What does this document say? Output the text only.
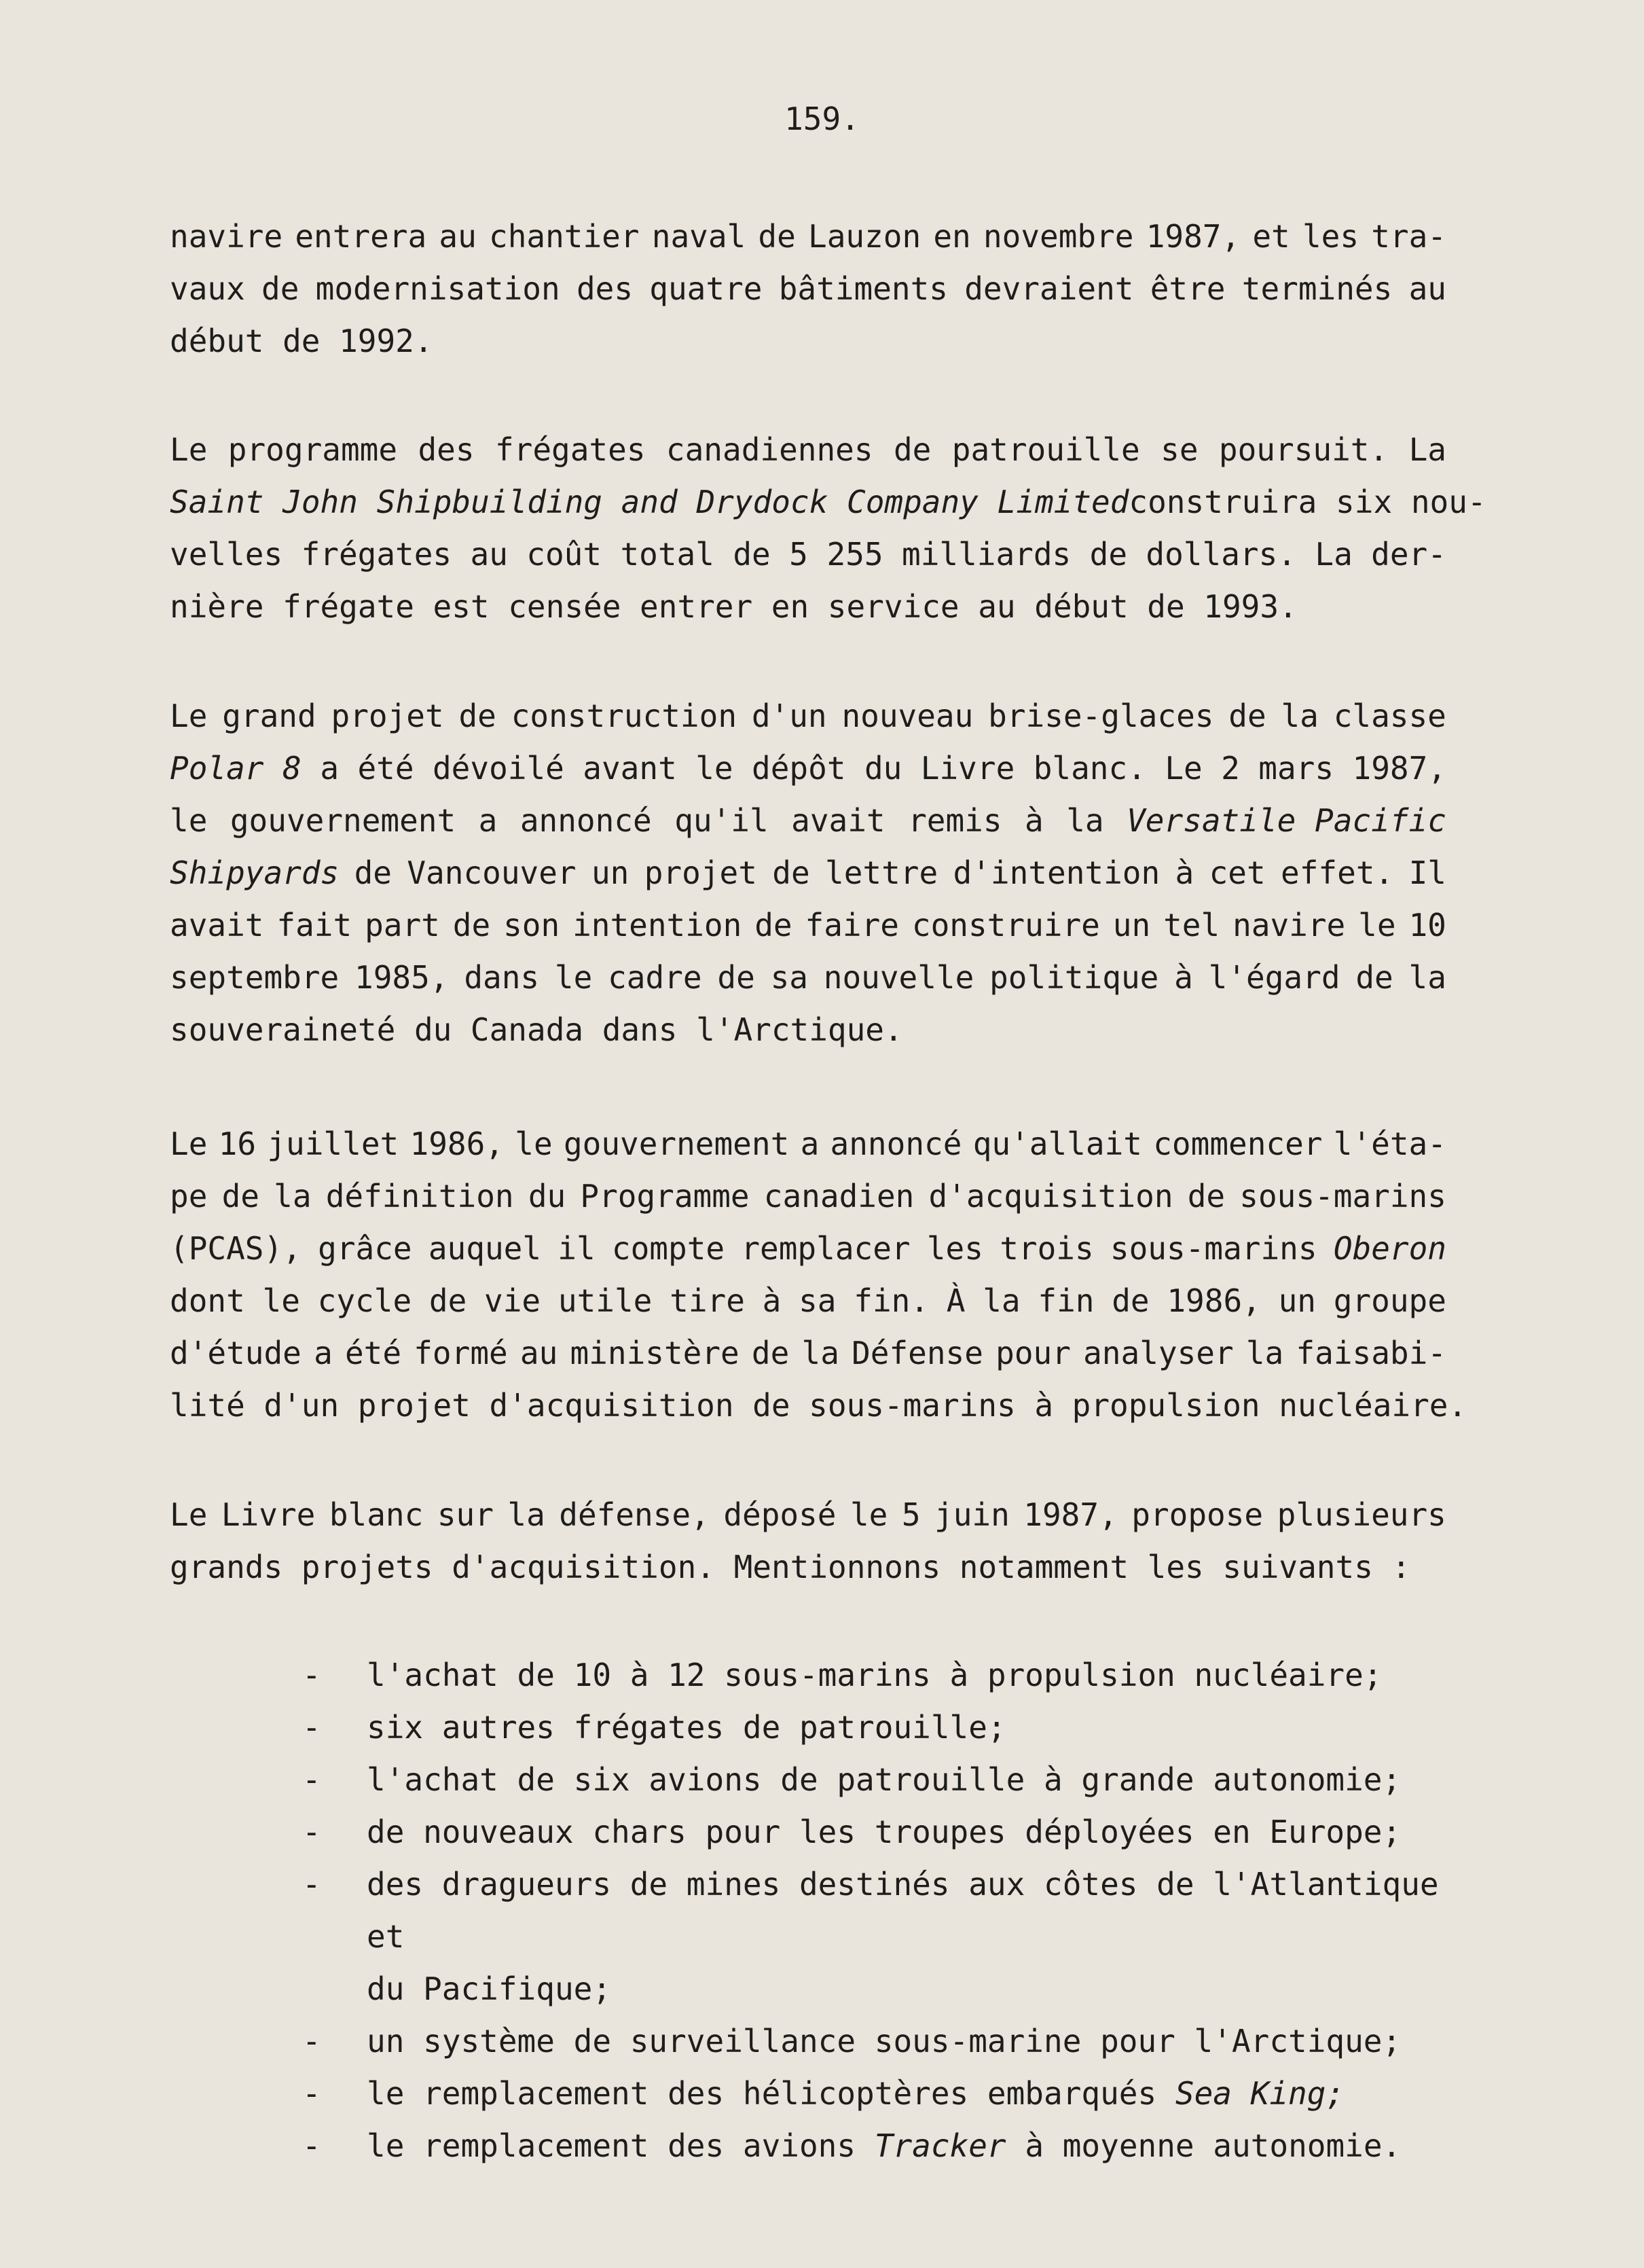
159.
navire entrera au chantier naval de Lauzon en novembre 1987, et les tra-
vaux de modernisation des quatre bâtiments devraient être terminés au
début de 1992.
Le programme des frégates canadiennes de patrouille se poursuit. La
Saint John Shipbuilding and Drydock Company Limited construira six nou-
velles frégates au coût total de 5 255 milliards de dollars. La der-
nière frégate est censée entrer en service au début de 1993.
Le grand projet de construction d'un nouveau brise-glaces de la classe
Polar 8 a été dévoilé avant le dépôt du Livre blanc. Le 2 mars 1987,
le gouvernement a annoncé qu'il avait remis à la Versatile Pacific
Shipyards de Vancouver un projet de lettre d'intention à cet effet. Il
avait fait part de son intention de faire construire un tel navire le 10
septembre 1985, dans le cadre de sa nouvelle politique à l'égard de la
souveraineté du Canada dans l'Arctique.
Le 16 juillet 1986, le gouvernement a annoncé qu'allait commencer l'éta-
pe de la définition du Programme canadien d'acquisition de sous-marins
(PCAS), grâce auquel il compte remplacer les trois sous-marins Oberon
dont le cycle de vie utile tire à sa fin. À la fin de 1986, un groupe
d'étude a été formé au ministère de la Défense pour analyser la faisabi-
lité d'un projet d'acquisition de sous-marins à propulsion nucléaire.
Le Livre blanc sur la défense, déposé le 5 juin 1987, propose plusieurs
grands projets d'acquisition. Mentionnons notamment les suivants :
- l'achat de 10 à 12 sous-marins à propulsion nucléaire;
- six autres frégates de patrouille;
- l'achat de six avions de patrouille à grande autonomie;
- de nouveaux chars pour les troupes déployées en Europe;
- des dragueurs de mines destinés aux côtes de l'Atlantique et
du Pacifique;
- un système de surveillance sous-marine pour l'Arctique;
- le remplacement des hélicoptères embarqués Sea King;
- le remplacement des avions Tracker à moyenne autonomie.
